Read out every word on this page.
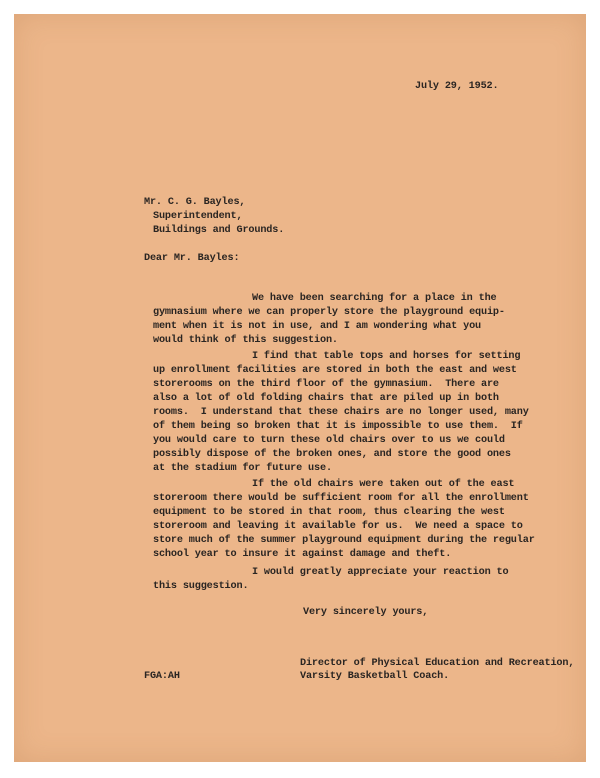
July 29, 1952.
Mr. C. G. Bayles,
Superintendent,
Buildings and Grounds.
Dear Mr. Bayles:
We have been searching for a place in the
gymnasium where we can properly store the playground equip-
ment when it is not in use, and I am wondering what you
would think of this suggestion.
I find that table tops and horses for setting
up enrollment facilities are stored in both the east and west
storerooms on the third floor of the gymnasium.  There are
also a lot of old folding chairs that are piled up in both
rooms.  I understand that these chairs are no longer used, many
of them being so broken that it is impossible to use them.  If
you would care to turn these old chairs over to us we could
possibly dispose of the broken ones, and store the good ones
at the stadium for future use.
If the old chairs were taken out of the east
storeroom there would be sufficient room for all the enrollment
equipment to be stored in that room, thus clearing the west
storeroom and leaving it available for us.  We need a space to
store much of the summer playground equipment during the regular
school year to insure it against damage and theft.
I would greatly appreciate your reaction to
this suggestion.
Very sincerely yours,
Director of Physical Education and Recreation,
FGA:AH	Varsity Basketball Coach.
